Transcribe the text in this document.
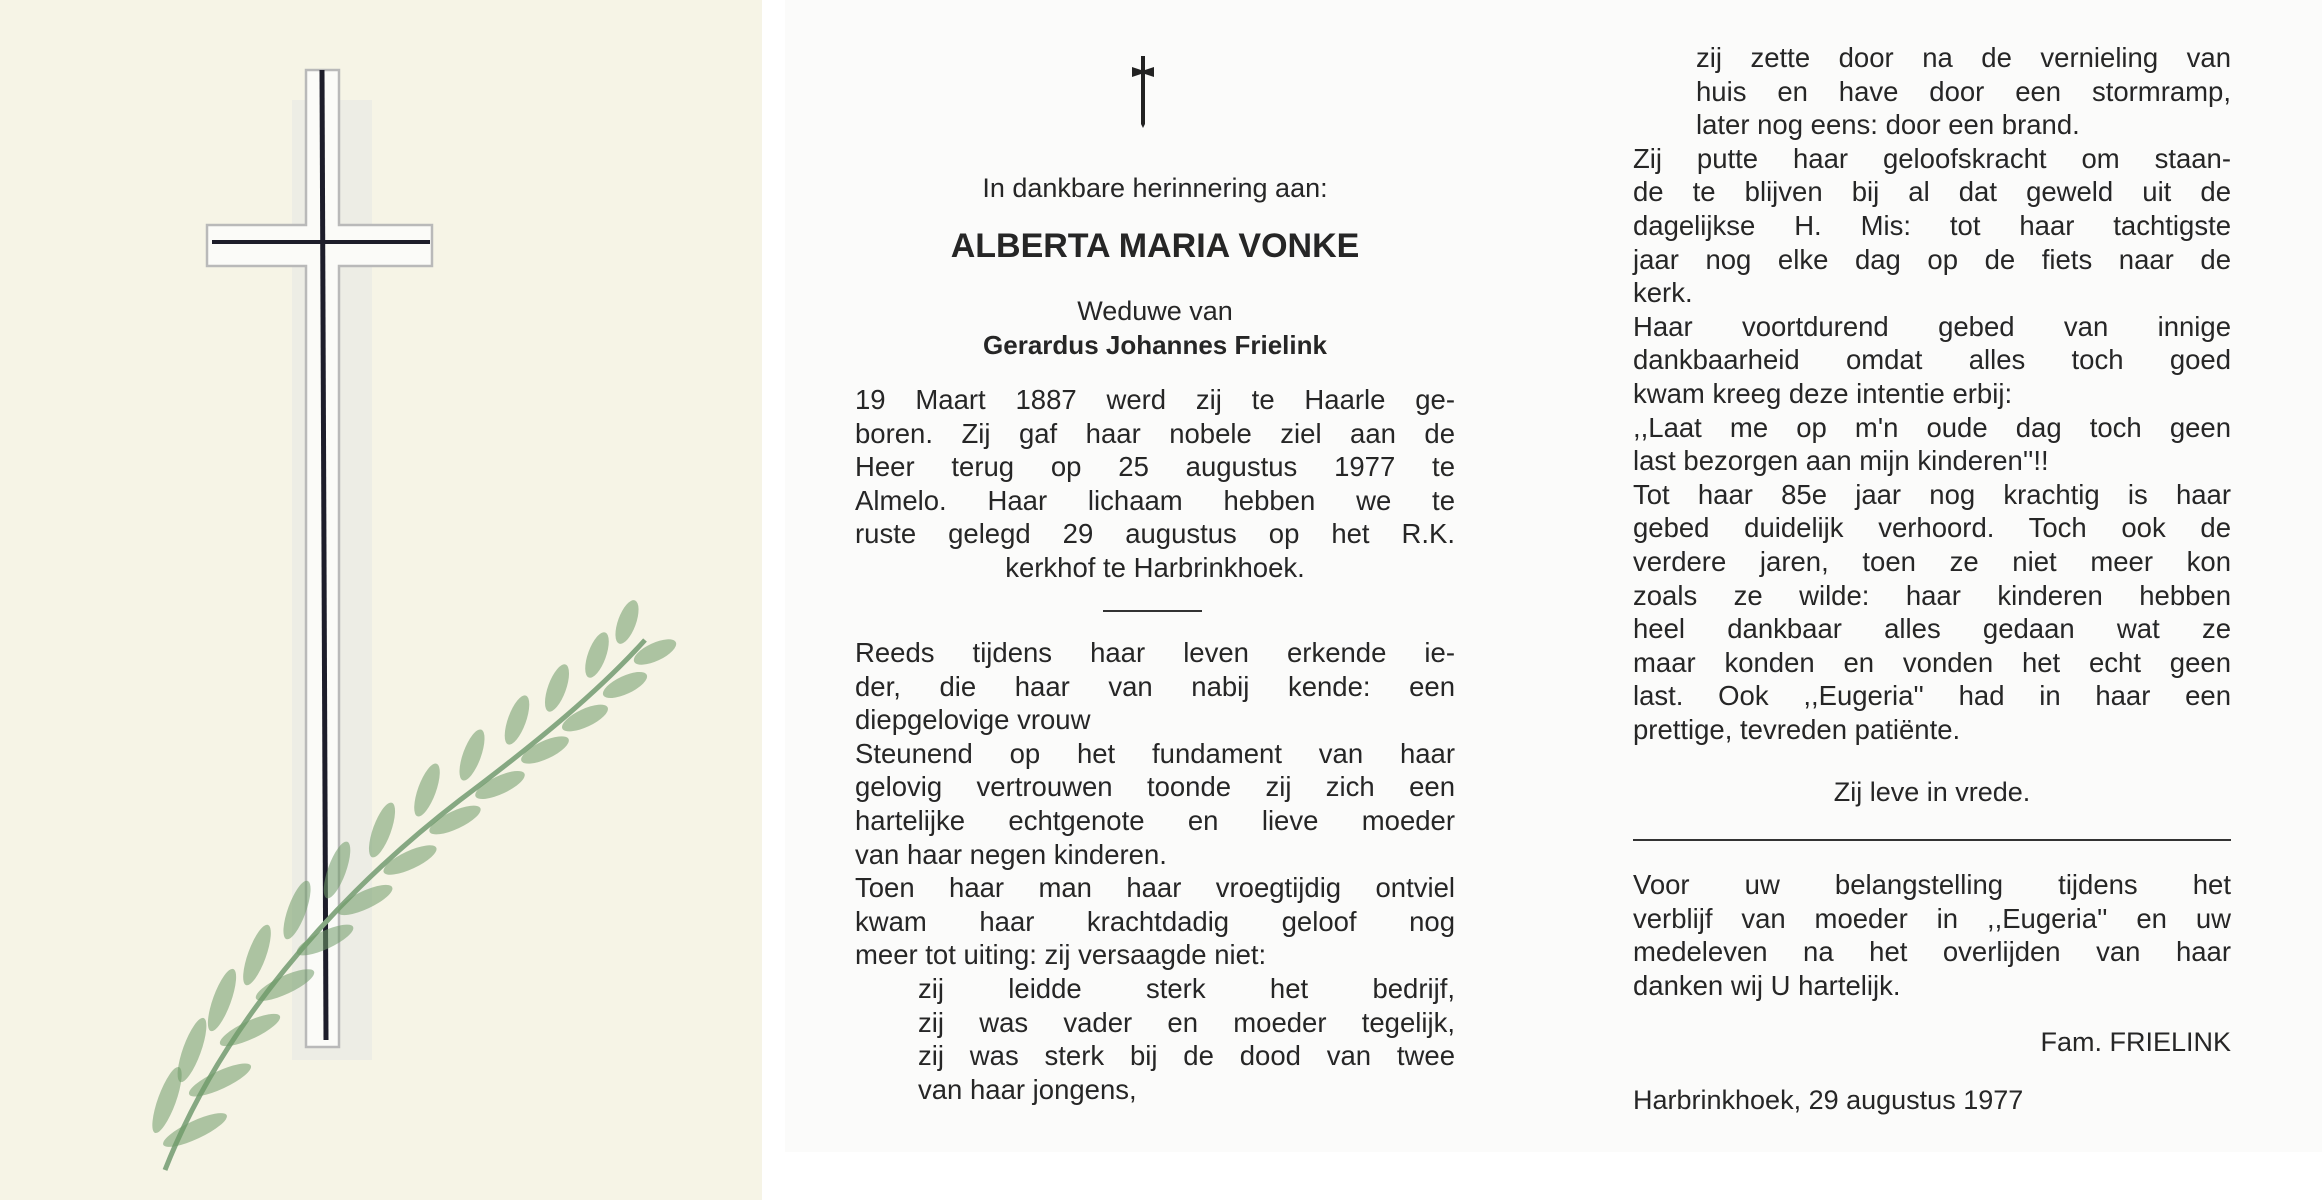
In dankbare herinnering aan:
ALBERTA MARIA VONKE
Weduwe van
Gerardus Johannes Frielink
19 Maart 1887 werd zij te Haarle ge-
boren. Zij gaf haar nobele ziel aan de
Heer terug op 25 augustus 1977 te
Almelo. Haar lichaam hebben we te
ruste gelegd 29 augustus op het R.K.
kerkhof te Harbrinkhoek.
Reeds tijdens haar leven erkende ie-
der, die haar van nabij kende: een
diepgelovige vrouw
Steunend op het fundament van haar
gelovig vertrouwen toonde zij zich een
hartelijke echtgenote en lieve moeder
van haar negen kinderen.
Toen haar man haar vroegtijdig ontviel
kwam haar krachtdadig geloof nog
meer tot uiting: zij versaagde niet:
zij leidde sterk het bedrijf,
zij was vader en moeder tegelijk,
zij was sterk bij de dood van twee
van haar jongens,
zij zette door na de vernieling van
huis en have door een stormramp,
later nog eens: door een brand.
Zij putte haar geloofskracht om staan-
de te blijven bij al dat geweld uit de
dagelijkse H. Mis: tot haar tachtigste
jaar nog elke dag op de fiets naar de
kerk.
Haar voortdurend gebed van innige
dankbaarheid omdat alles toch goed
kwam kreeg deze intentie erbij:
,,Laat me op m'n oude dag toch geen
last bezorgen aan mijn kinderen''!!
Tot haar 85e jaar nog krachtig is haar
gebed duidelijk verhoord. Toch ook de
verdere jaren, toen ze niet meer kon
zoals ze wilde: haar kinderen hebben
heel dankbaar alles gedaan wat ze
maar konden en vonden het echt geen
last. Ook ,,Eugeria'' had in haar een
prettige, tevreden patiënte.
Zij leve in vrede.
Voor uw belangstelling tijdens het
verblijf van moeder in ,,Eugeria'' en uw
medeleven na het overlijden van haar
danken wij U hartelijk.
Fam. FRIELINK
Harbrinkhoek, 29 augustus 1977
